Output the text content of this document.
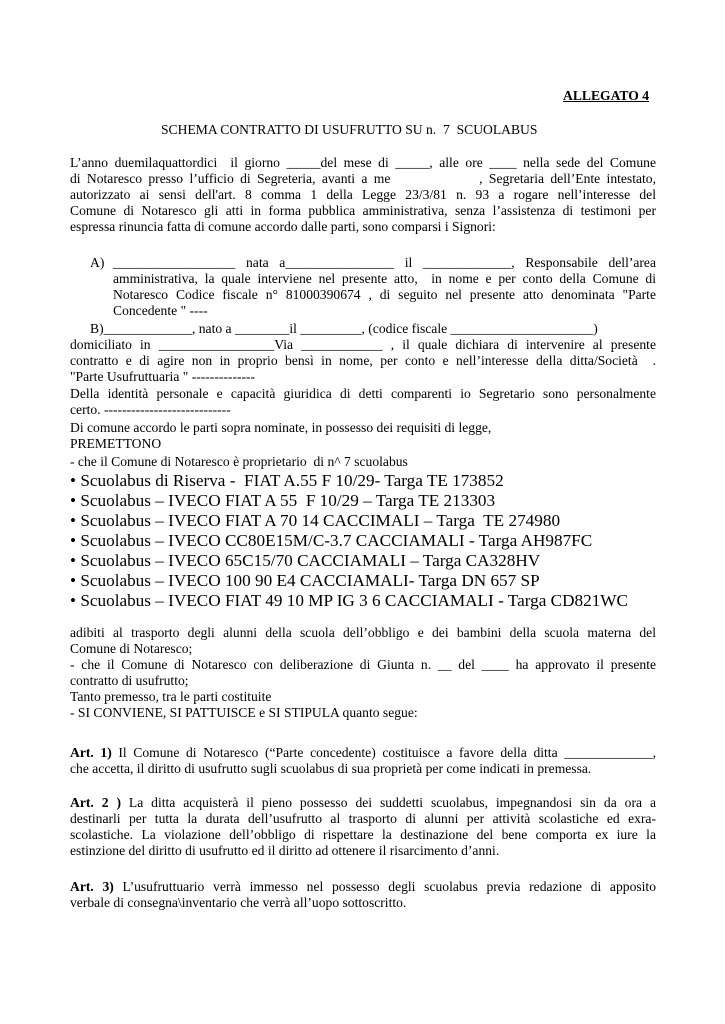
ALLEGATO 4
SCHEMA CONTRATTO DI USUFRUTTO SU n.  7  SCUOLABUS
L’anno duemilaquattordici  il giorno _____del mese di _____, alle ore ____ nella sede del Comune
di Notaresco presso l’ufficio di Segreteria, avanti a me              , Segretaria dell’Ente intestato,
autorizzato ai sensi dell'art. 8 comma 1 della Legge 23/3/81 n. 93 a rogare nell’interesse del
Comune di Notaresco gli atti in forma pubblica amministrativa, senza l’assistenza di testimoni per
espressa rinuncia fatta di comune accordo dalle parti, sono comparsi i Signori:
A) __________________ nata a________________ il _____________, Responsabile dell’area
amministrativa, la quale interviene nel presente atto,  in nome e per conto della Comune di
Notaresco Codice fiscale n° 81000390674 , di seguito nel presente atto denominata "Parte
Concedente " ----
B)_____________, nato a ________il _________, (codice fiscale _____________________)
domiciliato in _________________Via ____________ , il quale dichiara di intervenire al presente
contratto e di agire non in proprio bensì in nome, per conto e nell’interesse della ditta/Società  .
"Parte Usufruttuaria " --------------
Della identità personale e capacità giuridica di detti comparenti io Segretario sono personalmente
certo. ----------------------------
Di comune accordo le parti sopra nominate, in possesso dei requisiti di legge,
PREMETTONO
- che il Comune di Notaresco è proprietario  di n^ 7 scuolabus
• Scuolabus di Riserva -  FIAT A.55 F 10/29- Targa TE 173852
• Scuolabus – IVECO FIAT A 55  F 10/29 – Targa TE 213303
• Scuolabus – IVECO FIAT A 70 14 CACCIMALI – Targa  TE 274980
• Scuolabus – IVECO CC80E15M/C-3.7 CACCIAMALI - Targa AH987FC
• Scuolabus – IVECO 65C15/70 CACCIAMALI – Targa CA328HV
• Scuolabus – IVECO 100 90 E4 CACCIAMALI- Targa DN 657 SP
• Scuolabus – IVECO FIAT 49 10 MP IG 3 6 CACCIAMALI - Targa CD821WC
adibiti al trasporto degli alunni della scuola dell’obbligo e dei bambini della scuola materna del
Comune di Notaresco;
- che il Comune di Notaresco con deliberazione di Giunta n. __ del ____ ha approvato il presente
contratto di usufrutto;
Tanto premesso, tra le parti costituite
- SI CONVIENE, SI PATTUISCE e SI STIPULA quanto segue:
Art. 1) Il Comune di Notaresco (“Parte concedente) costituisce a favore della ditta _____________,
che accetta, il diritto di usufrutto sugli scuolabus di sua proprietà per come indicati in premessa.
Art. 2 ) La ditta acquisterà il pieno possesso dei suddetti scuolabus, impegnandosi sin da ora a
destinarli per tutta la durata dell’usufrutto al trasporto di alunni per attività scolastiche ed exra-
scolastiche. La violazione dell’obbligo di rispettare la destinazione del bene comporta ex iure la
estinzione del diritto di usufrutto ed il diritto ad ottenere il risarcimento d’anni.
Art. 3) L’usufruttuario verrà immesso nel possesso degli scuolabus previa redazione di apposito
verbale di consegna\inventario che verrà all’uopo sottoscritto.
